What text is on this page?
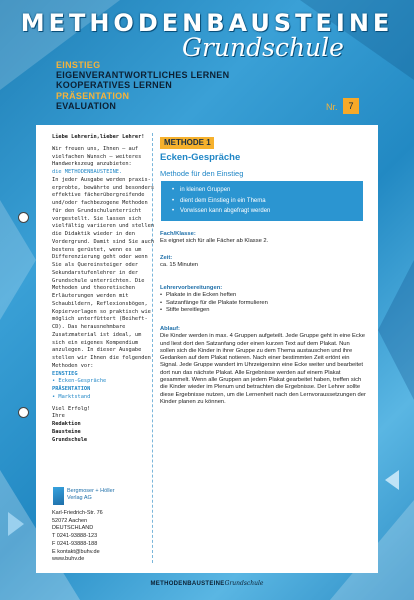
METHODENBAUSTEINE
Grundschule
EINSTIEG
EIGENVERANTWORTLICHES LERNEN
KOOPERATIVES LERNEN
PRÄSENTATION
EVALUATION	Nr.	7

Liebe Lehrerin,lieber Lehrer!

Wir freuen uns, Ihnen – auf vielfachen Wunsch – weiteres Handwerkszeug anzubieten:

die METHODENBAUSTEINE.

In jeder Ausgabe werden praxis-erprobte, bewährte und besonders effektive fächerübergreifende und/oder fachbezogene Methoden für den Grundschulunterricht vorgestellt. Sie lassen sich vielfältig variieren und stellen die Didaktik wieder in den Vordergrund. Damit sind Sie auch bestens gerüstet, wenn es um Differenzierung geht oder wenn Sie als Quereinsteiger oder Sekundarstufenlehrer in der Grundschule unterrichten. Die Methoden und theoretischen Erläuterungen werden mit Schaubildern, Reflexionsbögen, Kopiervorlagen so praktisch wie möglich unterfüttert (Beiheft-CD). Das herausnehmbare Zusatzmaterial ist ideal, um sich ein eigenes Kompendium anzulegen. In dieser Ausgabe stellen wir Ihnen die folgenden Methoden vor:

EINSTIEG

• Ecken-Gespräche

PRÄSENTATION

• Marktstand

Viel Erfolg!

Ihre

Redaktion

Bausteine

Grundschule

Bergmoser + Höller
Verlag AG
Karl-Friedrich-Str. 76
52072 Aachen
DEUTSCHLAND
T 0241-93888-123
F 0241-93888-188
E kontakt@buhv.de
www.buhv.de
METHODE 1
Ecken-Gespräche
Methode für den Einstieg
• in kleinen Gruppen
• dient dem Einstieg in ein Thema
• Vorwissen kann abgefragt werden
Fach/Klasse:
Es eignet sich für alle Fächer ab Klasse 2.
Zeit:
ca. 15 Minuten
Lehrervorbereitungen:
• Plakate in die Ecken heften
• Satzanfänge für die Plakate formulieren
• Stifte bereitlegen
Ablauf:
Die Kinder werden in max. 4 Gruppen aufgeteilt. Jede Gruppe geht in eine Ecke und liest dort den Satzanfang oder einen kurzen Text auf dem Plakat. Nun sollen sich die Kinder in ihrer Gruppe zu dem Thema austauschen und ihre Gedanken auf dem Plakat notieren. Nach einer bestimmten Zeit ertönt ein Signal. Jede Gruppe wandert im Uhrzeigersinn eine Ecke weiter und bearbeitet dort nun das nächste Plakat. Alle Ergebnisse werden auf einem Plakat gesammelt. Wenn alle Gruppen an jedem Plakat gearbeitet haben, treffen sich die Kinder wieder im Plenum und betrachten die Ergebnisse. Der Lehrer sollte diese Ergebnisse nutzen, um die Lernenheit nach den Lernvoraussetzungen der Kinder planen zu können.
METHODENBAUSTEINEGrundschule
